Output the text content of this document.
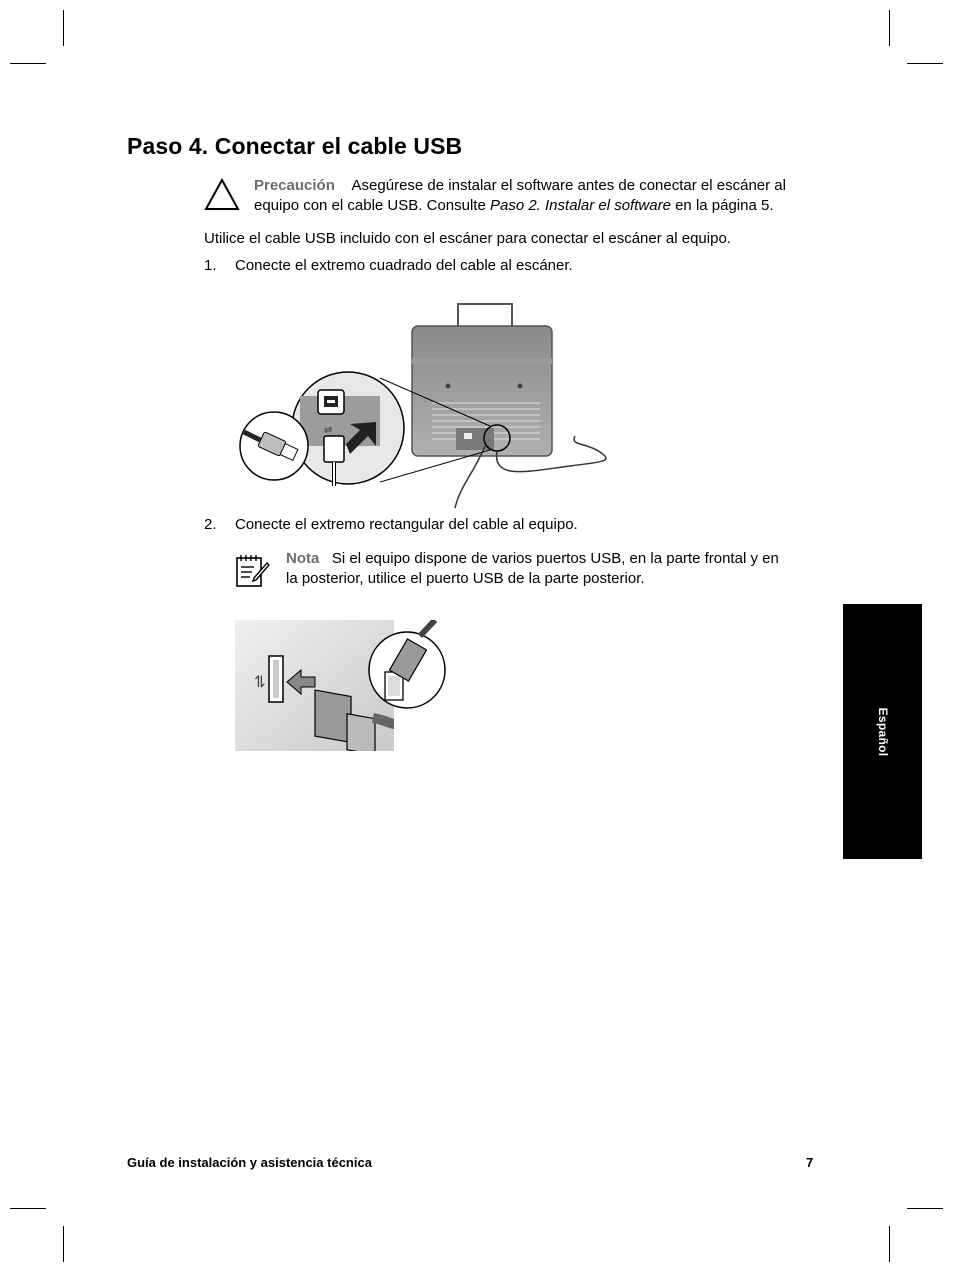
Paso 4. Conectar el cable USB
Precaución Asegúrese de instalar el software antes de conectar el escáner al
equipo con el cable USB. Consulte Paso 2. Instalar el software en la página 5.
Utilice el cable USB incluido con el escáner para conectar el escáner al equipo.
1. Conecte el extremo cuadrado del cable al escáner.
⇌
2. Conecte el extremo rectangular del cable al equipo.
Nota Si el equipo dispone de varios puertos USB, en la parte frontal y en
la posterior, utilice el puerto USB de la parte posterior.
⇌
Español
Guía de instalación y asistencia técnica	7
